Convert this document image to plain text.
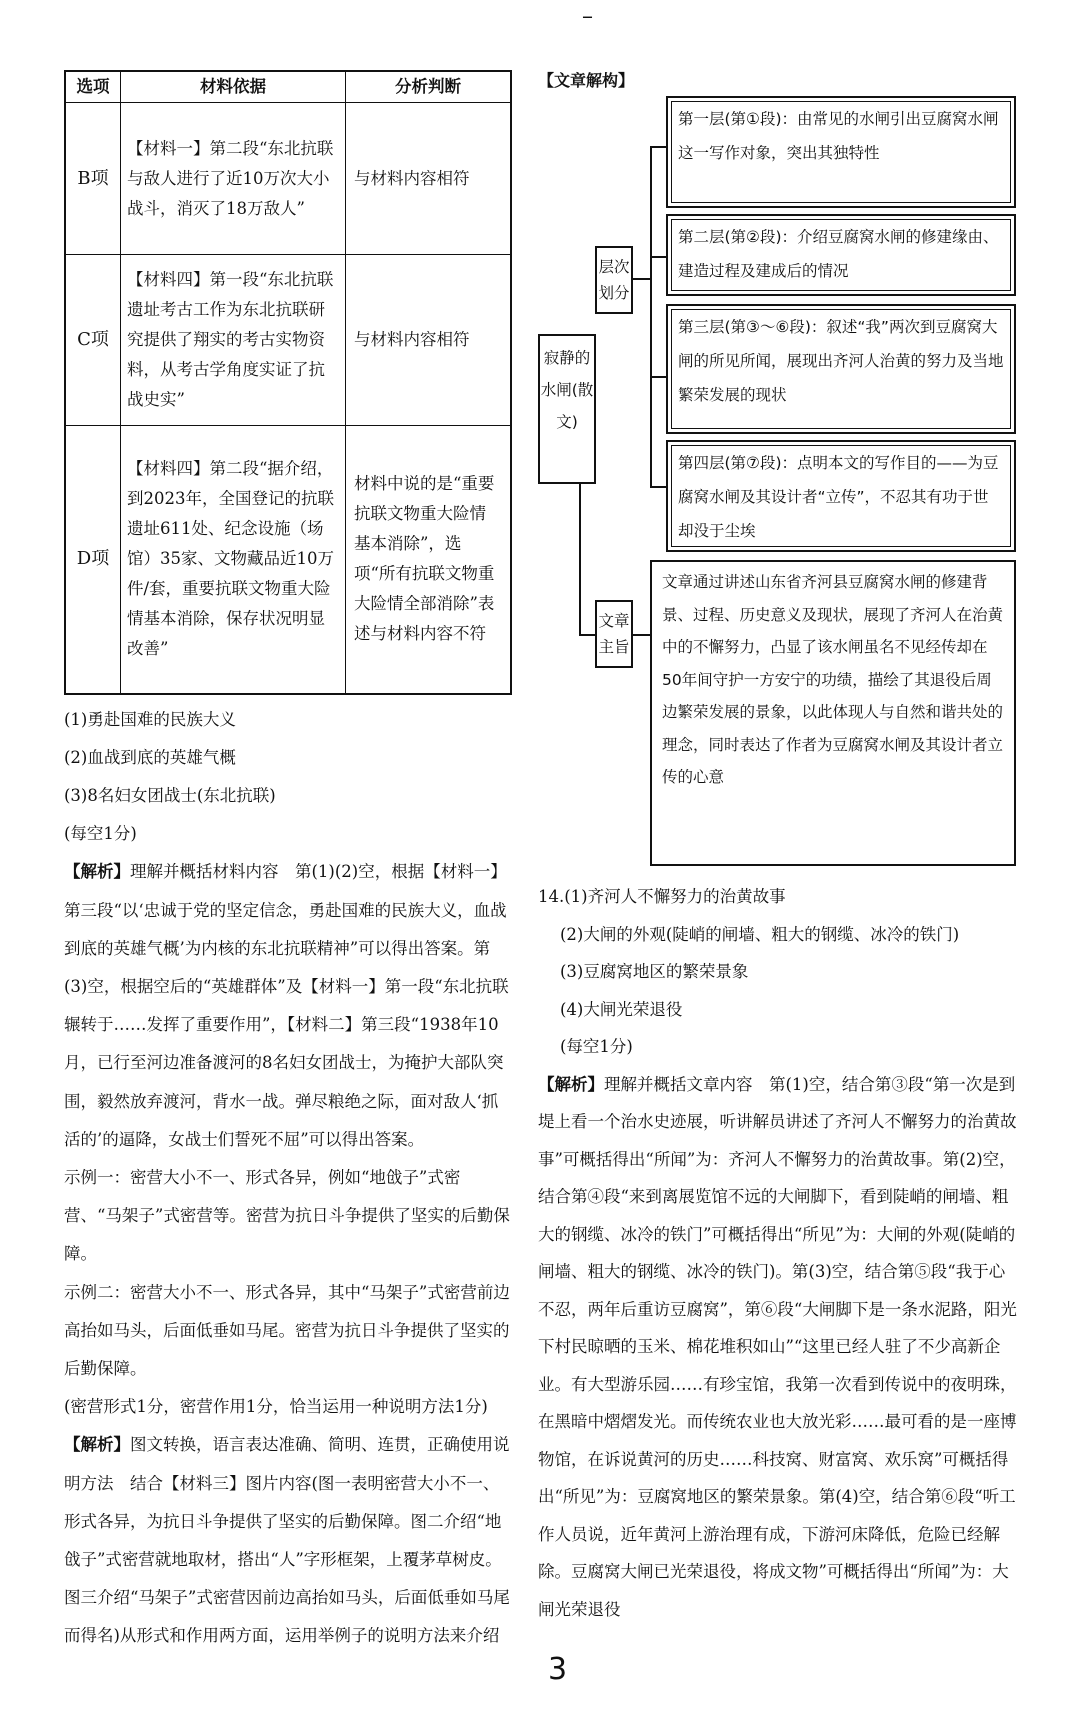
–
选项	材料依据	分析判断
B项	【材料一】第二段“东北抗联与敌人进行了近10万次大小战斗，消灭了18万敌人”	与材料内容相符
C项	【材料四】第一段“东北抗联遗址考古工作为东北抗联研究提供了翔实的考古实物资料，从考古学角度实证了抗战史实”	与材料内容相符
D项	【材料四】第二段“据介绍，到2023年，全国登记的抗联遗址611处、纪念设施（场馆）35家、文物藏品近10万件/套，重要抗联文物重大险情基本消除，保存状况明显改善”	材料中说的是“重要抗联文物重大险情基本消除”，选项“所有抗联文物重大险情全部消除”表述与材料内容不符

(1)勇赴国难的民族大义

(2)血战到底的英雄气概

(3)8名妇女团战士(东北抗联)

(每空1分)

【解析】理解并概括材料内容　第(1)(2)空，根据【材料一】第三段“以‘忠诚于党的坚定信念，勇赴国难的民族大义，血战到底的英雄气概’为内核的东北抗联精神”可以得出答案。第(3)空，根据空后的“英雄群体”及【材料一】第一段“东北抗联辗转于……发挥了重要作用”，【材料二】第三段“1938年10月，已行至河边准备渡河的8名妇女团战士，为掩护大部队突围，毅然放弃渡河，背水一战。弹尽粮绝之际，面对敌人‘抓活的’的逼降，女战士们誓死不屈”可以得出答案。

示例一：密营大小不一、形式各异，例如“地戗子”式密营、“马架子”式密营等。密营为抗日斗争提供了坚实的后勤保障。

示例二：密营大小不一、形式各异，其中“马架子”式密营前边高抬如马头，后面低垂如马尾。密营为抗日斗争提供了坚实的后勤保障。

(密营形式1分，密营作用1分，恰当运用一种说明方法1分)

【解析】图文转换，语言表达准确、简明、连贯，正确使用说明方法　结合【材料三】图片内容(图一表明密营大小不一、形式各异，为抗日斗争提供了坚实的后勤保障。图二介绍“地戗子”式密营就地取材，搭出“人”字形框架，上覆茅草树皮。图三介绍“马架子”式密营因前边高抬如马头，后面低垂如马尾而得名)从形式和作用两方面，运用举例子的说明方法来介绍

【文章解构】
寂静的水闸(散文)
层次划分
文章主旨
第一层(第①段)：由常见的水闸引出豆腐窝水闸这一写作对象，突出其独特性
第二层(第②段)：介绍豆腐窝水闸的修建缘由、建造过程及建成后的情况
第三层(第③～⑥段)：叙述“我”两次到豆腐窝大闸的所见所闻，展现出齐河人治黄的努力及当地繁荣发展的现状
第四层(第⑦段)：点明本文的写作目的——为豆腐窝水闸及其设计者“立传”，不忍其有功于世却没于尘埃
文章通过讲述山东省齐河县豆腐窝水闸的修建背景、过程、历史意义及现状，展现了齐河人在治黄中的不懈努力，凸显了该水闸虽名不见经传却在50年间守护一方安宁的功绩，描绘了其退役后周边繁荣发展的景象，以此体现人与自然和谐共处的理念，同时表达了作者为豆腐窝水闸及其设计者立传的心意

14.(1)齐河人不懈努力的治黄故事

(2)大闸的外观(陡峭的闸墙、粗大的钢缆、冰冷的铁门)

(3)豆腐窝地区的繁荣景象

(4)大闸光荣退役

(每空1分)

【解析】理解并概括文章内容　第(1)空，结合第③段“第一次是到堤上看一个治水史迹展，听讲解员讲述了齐河人不懈努力的治黄故事”可概括得出“所闻”为：齐河人不懈努力的治黄故事。第(2)空，结合第④段“来到离展览馆不远的大闸脚下，看到陡峭的闸墙、粗大的钢缆、冰冷的铁门”可概括得出“所见”为：大闸的外观(陡峭的闸墙、粗大的钢缆、冰冷的铁门)。第(3)空，结合第⑤段“我于心不忍，两年后重访豆腐窝”，第⑥段“大闸脚下是一条水泥路，阳光下村民晾晒的玉米、棉花堆积如山”“这里已经人驻了不少高新企业。有大型游乐园……有珍宝馆，我第一次看到传说中的夜明珠，在黑暗中熠熠发光。而传统农业也大放光彩……最可看的是一座博物馆，在诉说黄河的历史……科技窝、财富窝、欢乐窝”可概括得出“所见”为：豆腐窝地区的繁荣景象。第(4)空，结合第⑥段“听工作人员说，近年黄河上游治理有成，下游河床降低，危险已经解除。豆腐窝大闸已光荣退役，将成文物”可概括得出“所闻”为：大闸光荣退役

3
